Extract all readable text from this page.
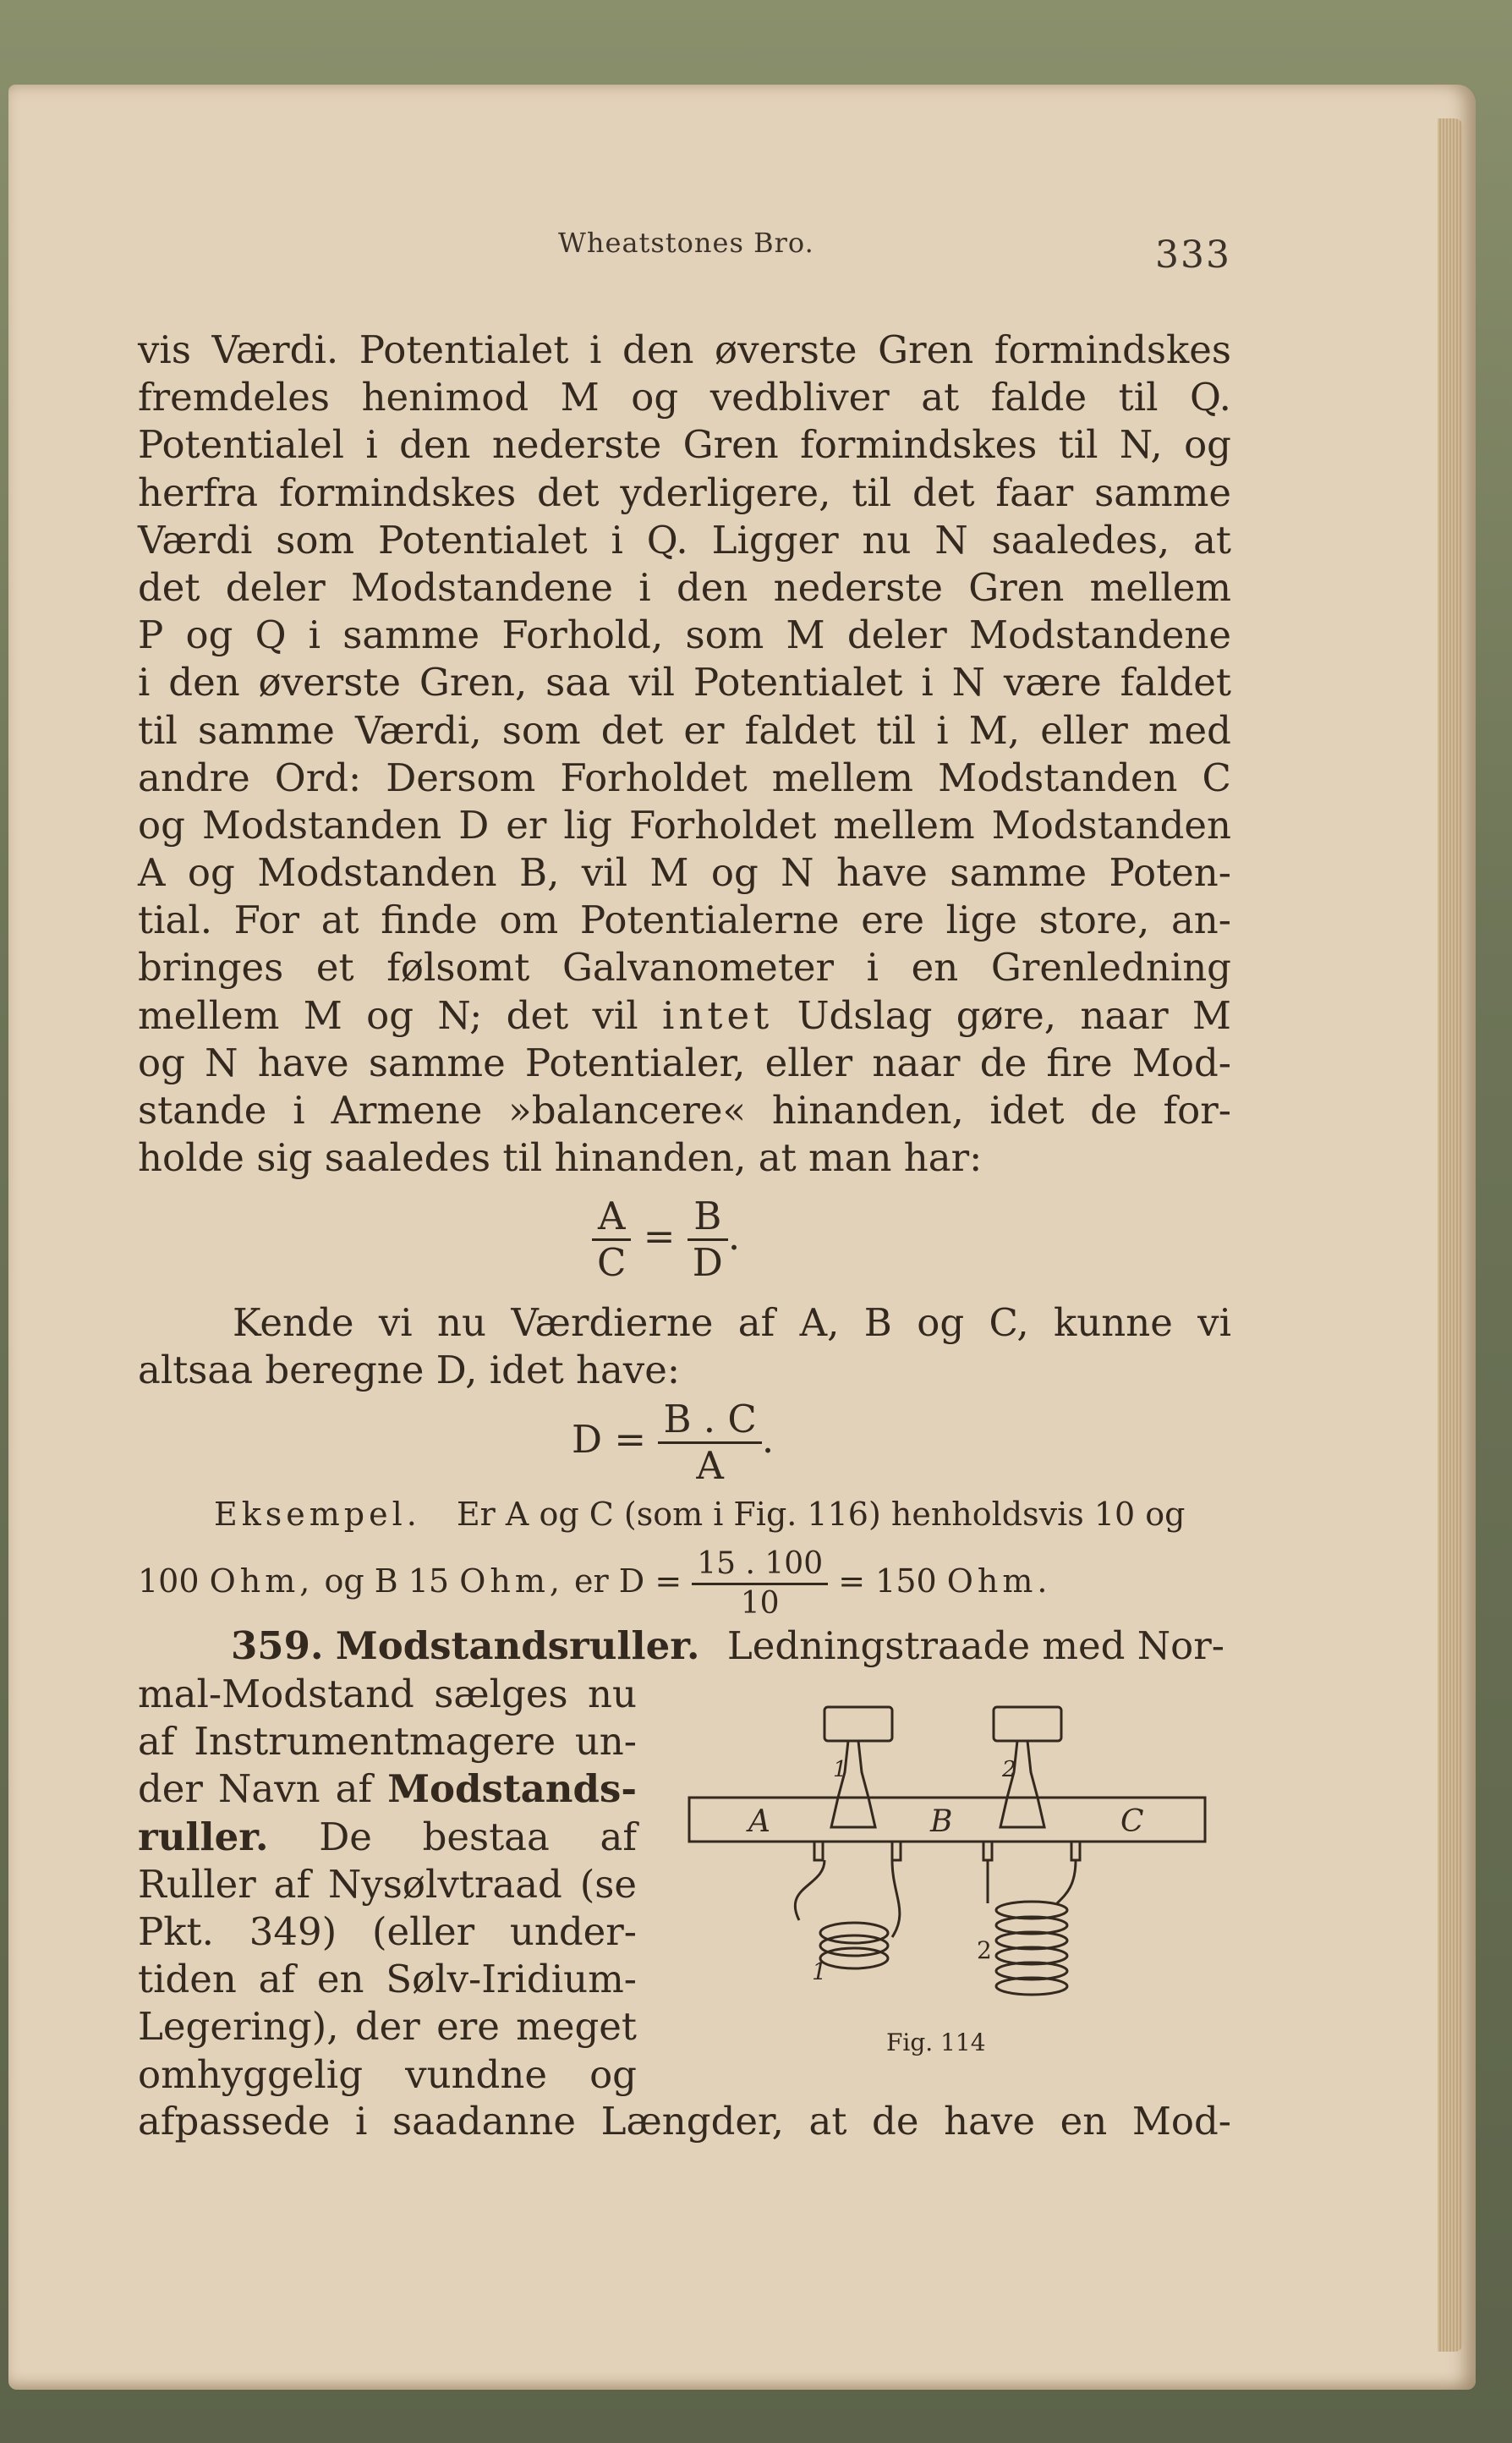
Wheatstones Bro.	333
vis Værdi. Potentialet i den øverste Gren formindskes
fremdeles henimod M og vedbliver at falde til Q.
Potentialel i den nederste Gren formindskes til N, og
herfra formindskes det yderligere, til det faar samme
Værdi som Potentialet i Q. Ligger nu N saaledes, at
det deler Modstandene i den nederste Gren mellem
P og Q i samme Forhold, som M deler Modstandene
i den øverste Gren, saa vil Potentialet i N være faldet
til samme Værdi, som det er faldet til i M, eller med
andre Ord: Dersom Forholdet mellem Modstanden C
og Modstanden D er lig Forholdet mellem Modstanden
A og Modstanden B, vil M og N have samme Poten-
tial. For at finde om Potentialerne ere lige store, an-
bringes et følsomt Galvanometer i en Grenledning
mellem M og N; det vil intet Udslag gøre, naar M
og N have samme Potentialer, eller naar de fire Mod-
stande i Armene »balancere« hinanden, idet de for-
holde sig saaledes til hinanden, at man har:
$\frac{A}{C} = \frac{B}{D}$ .
Kende vi nu Værdierne af A, B og C, kunne vi
altsaa beregne D, idet have:
$D = \frac{B . C}{A}$ .
Eksempel. Er A og C (som i Fig. 116) henholdsvis 10 og
100 Ohm, og B 15 Ohm, er $D = \frac{15 . 100}{10} = 150$ Ohm.
359. Modstandsruller. Ledningstraade med Nor-
mal-Modstand sælges nu
af Instrumentmagere un-
der Navn af Modstands-
ruller. De bestaa af
Ruller af Nysølvtraad (se
Pkt. 349) (eller under-
tiden af en Sølv-Iridium-
Legering), der ere meget
omhyggelig vundne og
A	B	C
1	2
1
2
Fig. 114
afpassede i saadanne Længder, at de have en Mod-
